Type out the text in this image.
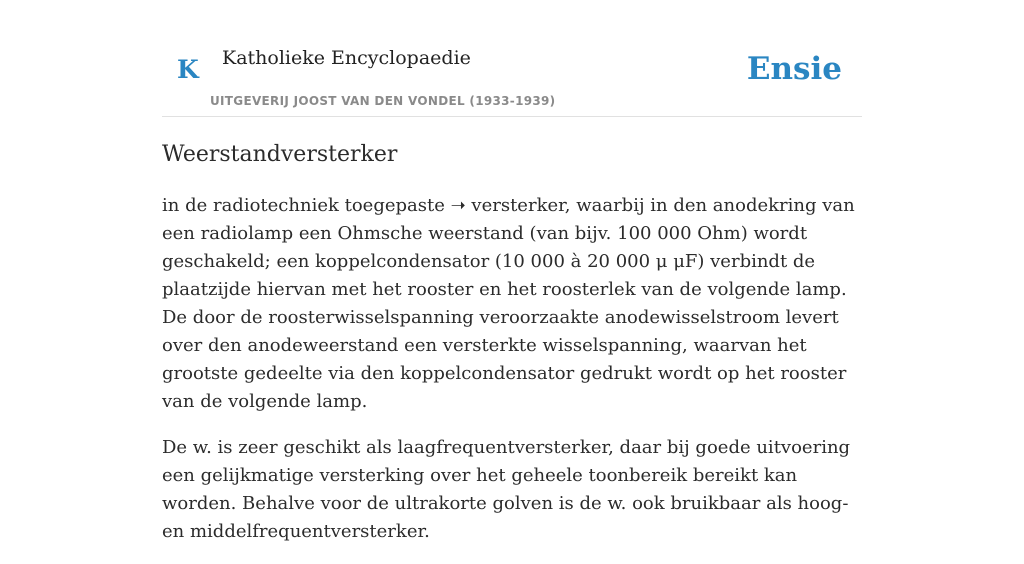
K Katholieke Encyclopaedie
UITGEVERIJ JOOST VAN DEN VONDEL (1933-1939)
Ensie
Weerstandversterker

in de radiotechniek toegepaste ➝ versterker, waarbij in den anodekring van een radiolamp een Ohmsche weerstand (van bijv. 100 000 Ohm) wordt geschakeld; een koppelcondensator (10 000 à 20 000 μ μF) verbindt de plaatzijde hiervan met het rooster en het roosterlek van de volgende lamp. De door de roosterwisselspanning veroorzaakte anodewisselstroom levert over den anodeweerstand een versterkte wisselspanning, waarvan het grootste gedeelte via den koppelcondensator gedrukt wordt op het rooster van de volgende lamp.

De w. is zeer geschikt als laagfrequentversterker, daar bij goede uitvoering een gelijkmatige versterking over het geheele toonbereik bereikt kan worden. Behalve voor de ultrakorte golven is de w. ook bruikbaar als hoog- en middelfrequentversterker.
